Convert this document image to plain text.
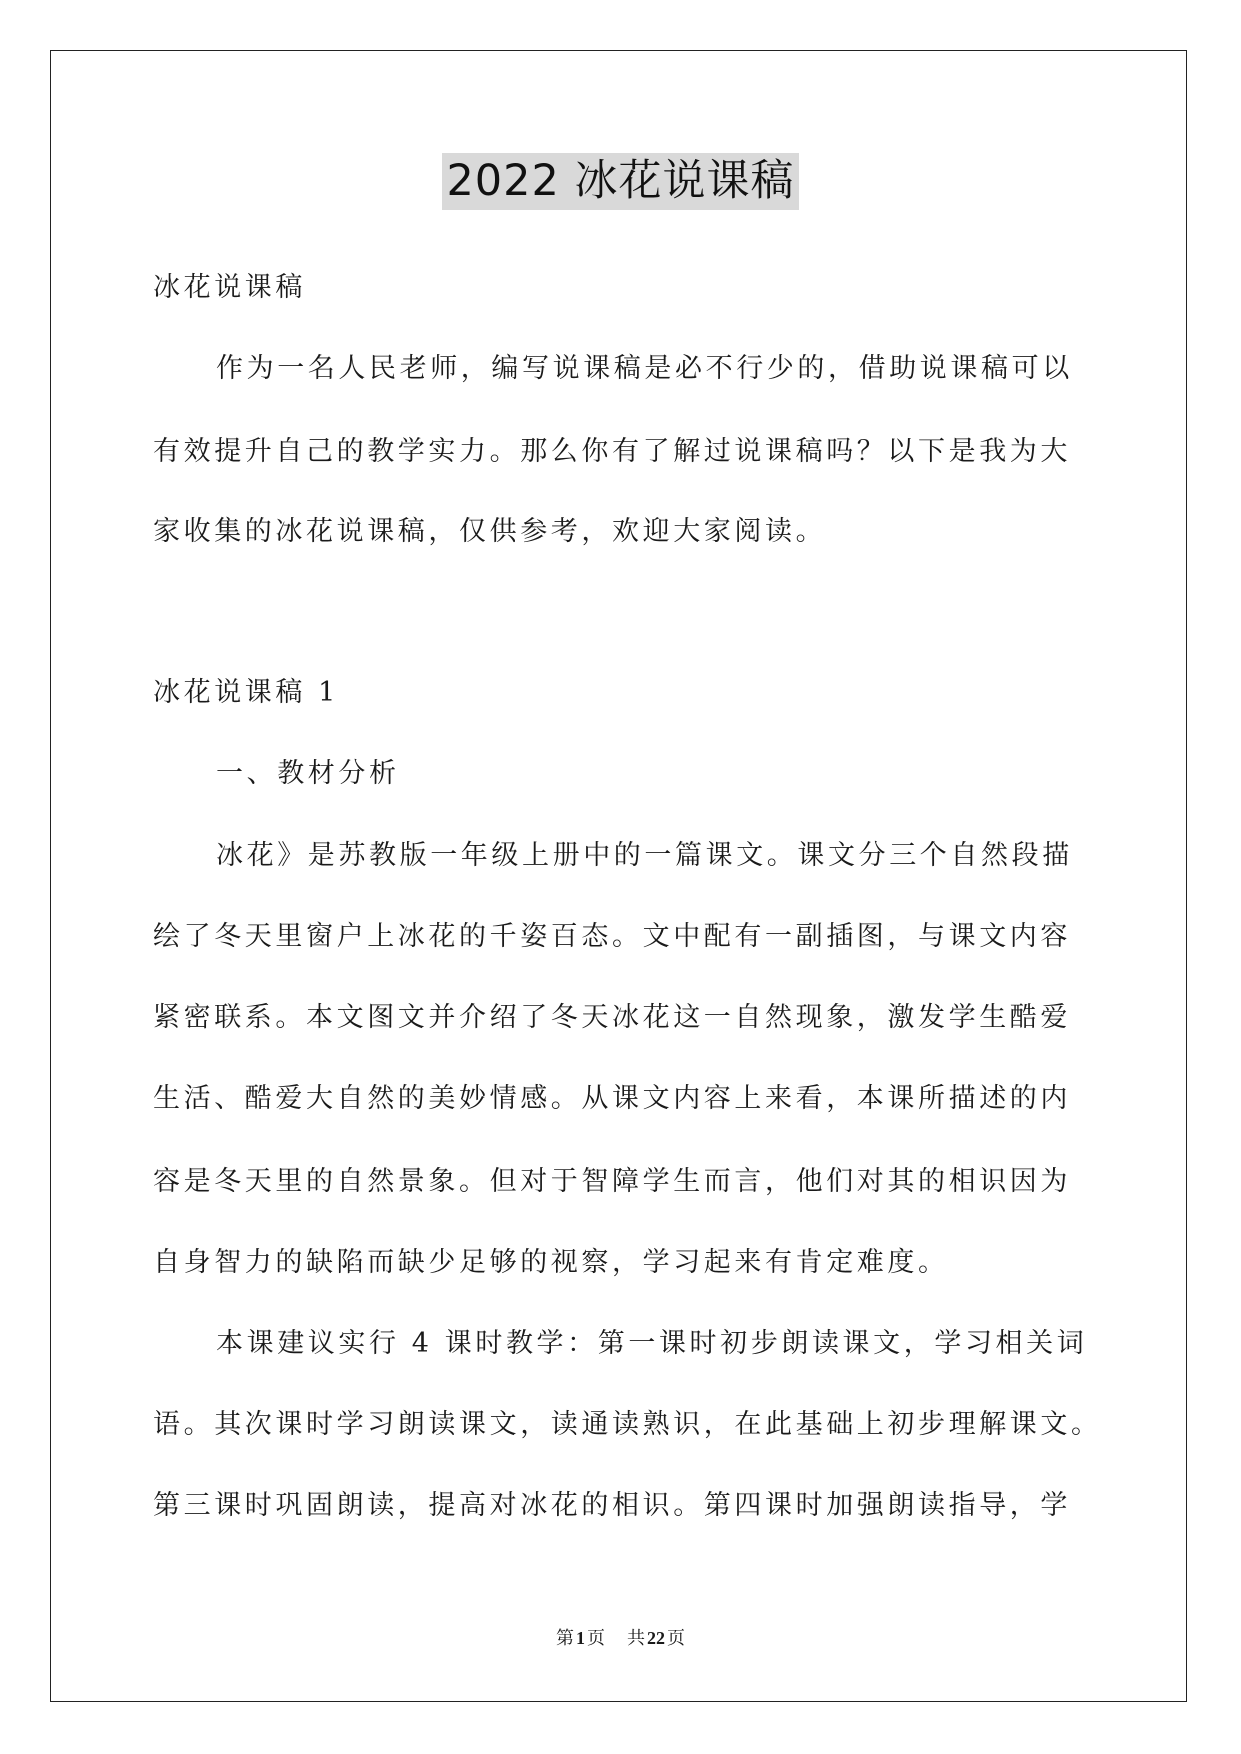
2022 冰花说课稿
冰花说课稿
作为一名人民老师，编写说课稿是必不行少的，借助说课稿可以
有效提升自己的教学实力。那么你有了解过说课稿吗？以下是我为大
家收集的冰花说课稿，仅供参考，欢迎大家阅读。
冰花说课稿 1
一、教材分析
冰花》是苏教版一年级上册中的一篇课文。课文分三个自然段描
绘了冬天里窗户上冰花的千姿百态。文中配有一副插图，与课文内容
紧密联系。本文图文并介绍了冬天冰花这一自然现象，激发学生酷爱
生活、酷爱大自然的美妙情感。从课文内容上来看，本课所描述的内
容是冬天里的自然景象。但对于智障学生而言，他们对其的相识因为
自身智力的缺陷而缺少足够的视察，学习起来有肯定难度。
本课建议实行 4 课时教学：第一课时初步朗读课文，学习相关词
语。其次课时学习朗读课文，读通读熟识，在此基础上初步理解课文。
第三课时巩固朗读，提高对冰花的相识。第四课时加强朗读指导，学
第 1 页 共 22 页
